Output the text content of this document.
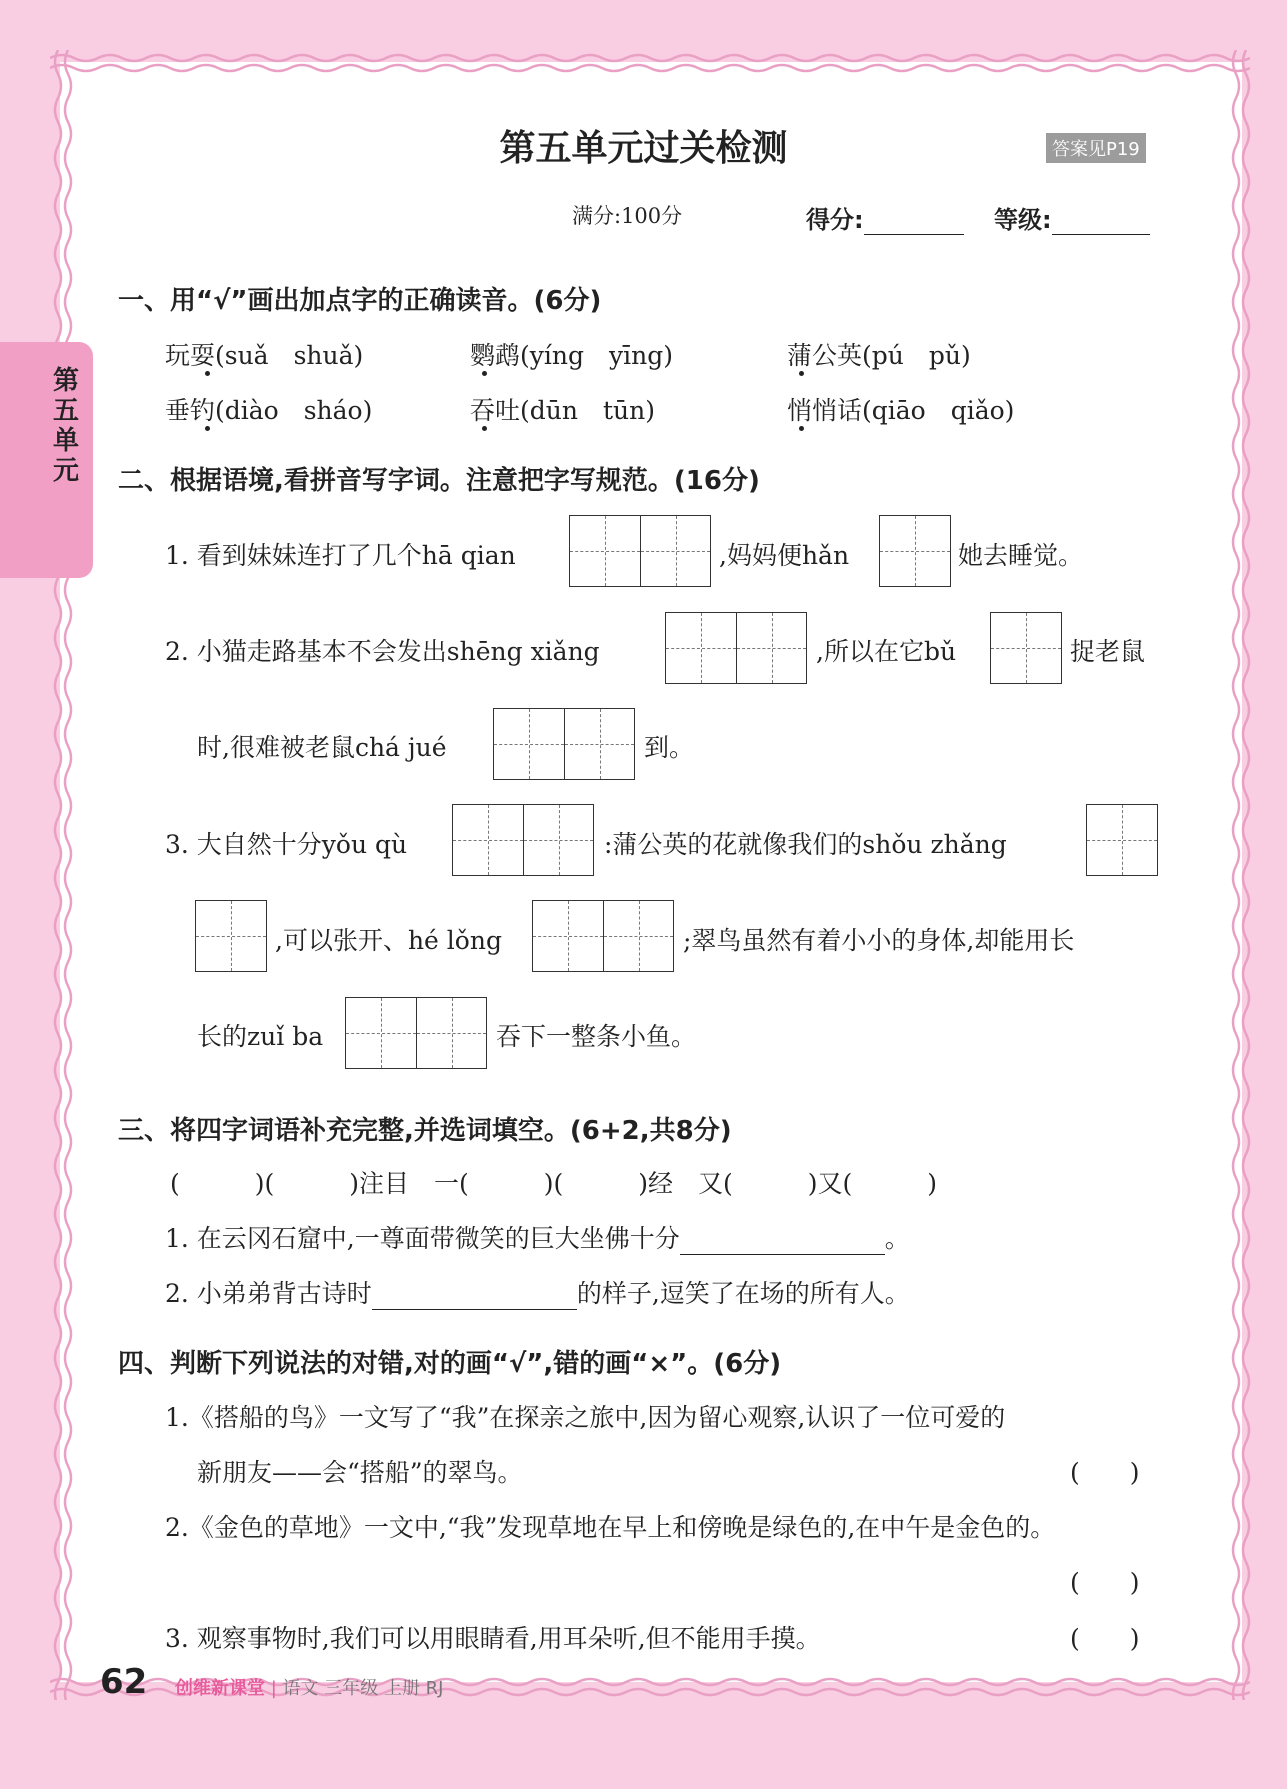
第五单元
第五单元过关检测	答案见P19
满分:100分	得分:	等级:
一、用“√”画出加点字的正确读音。(6分)
玩耍(suǎ　shuǎ)	鹦鹉(yíng　yīng)	蒲公英(pú　pǔ)
垂钓(diào　sháo)	吞吐(dūn　tūn)	悄悄话(qiāo　qiǎo)
二、根据语境,看拼音写字词。注意把字写规范。(16分)
1. 看到妹妹连打了几个hā qian	,妈妈便hǎn	她去睡觉。
2. 小猫走路基本不会发出shēng xiǎng	,所以在它bǔ	捉老鼠
时,很难被老鼠chá jué	到。
3. 大自然十分yǒu qù	:蒲公英的花就像我们的shǒu zhǎng
,可以张开、hé lǒng	;翠鸟虽然有着小小的身体,却能用长
长的zuǐ ba	吞下一整条小鱼。
三、将四字词语补充完整,并选词填空。(6+2,共8分)
(　　　)(　　　)注目　一(　　　)(　　　)经　又(　　　)又(　　　)
1. 在云冈石窟中,一尊面带微笑的巨大坐佛十分	。
2. 小弟弟背古诗时	的样子,逗笑了在场的所有人。
四、判断下列说法的对错,对的画“√”,错的画“×”。(6分)
1.《搭船的鸟》一文写了“我”在探亲之旅中,因为留心观察,认识了一位可爱的
新朋友——会“搭船”的翠鸟。	(　　)
2.《金色的草地》一文中,“我”发现草地在早上和傍晚是绿色的,在中午是金色的。
(　　)
3. 观察事物时,我们可以用眼睛看,用耳朵听,但不能用手摸。	(　　)
62 创维新课堂 | 语文 三年级 上册 RJ
